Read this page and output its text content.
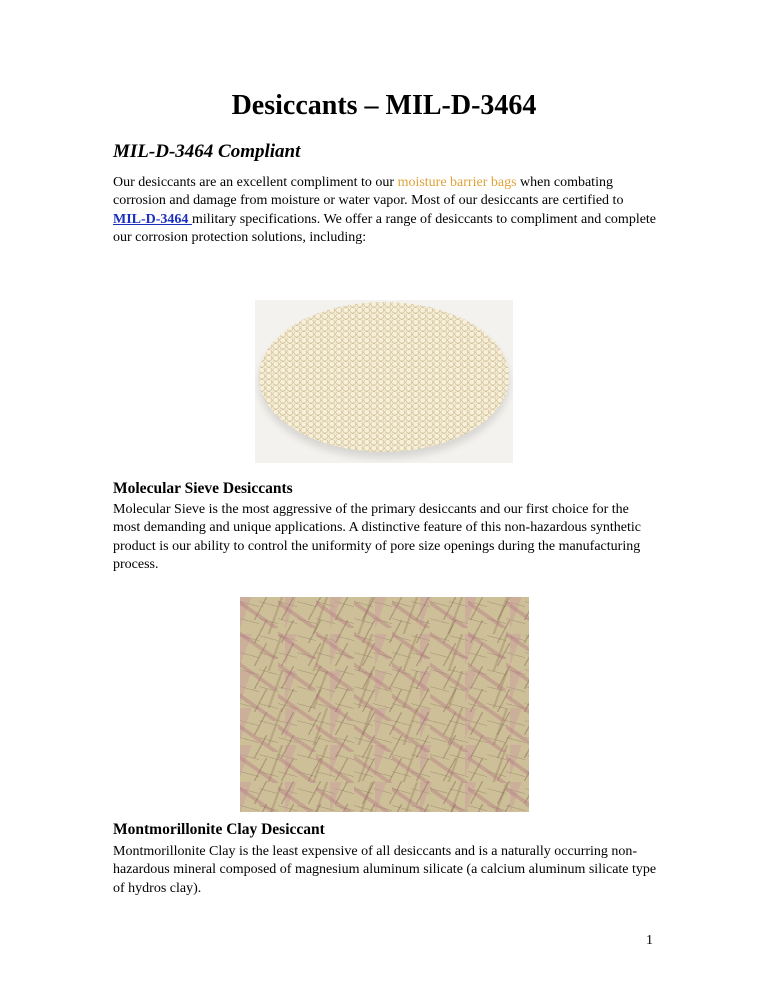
Desiccants – MIL-D-3464
MIL-D-3464 Compliant

Our desiccants are an excellent compliment to our moisture barrier bags when combating corrosion and damage from moisture or water vapor. Most of our desiccants are certified to MIL-D-3464 military specifications. We offer a range of desiccants to compliment and complete our corrosion protection solutions, including:

Molecular Sieve Desiccants

Molecular Sieve is the most aggressive of the primary desiccants and our first choice for the most demanding and unique applications. A distinctive feature of this non-hazardous synthetic product is our ability to control the uniformity of pore size openings during the manufacturing process.

Montmorillonite Clay Desiccant

Montmorillonite Clay is the least expensive of all desiccants and is a naturally occurring non-hazardous mineral composed of magnesium aluminum silicate (a calcium aluminum silicate type of hydros clay).

1
